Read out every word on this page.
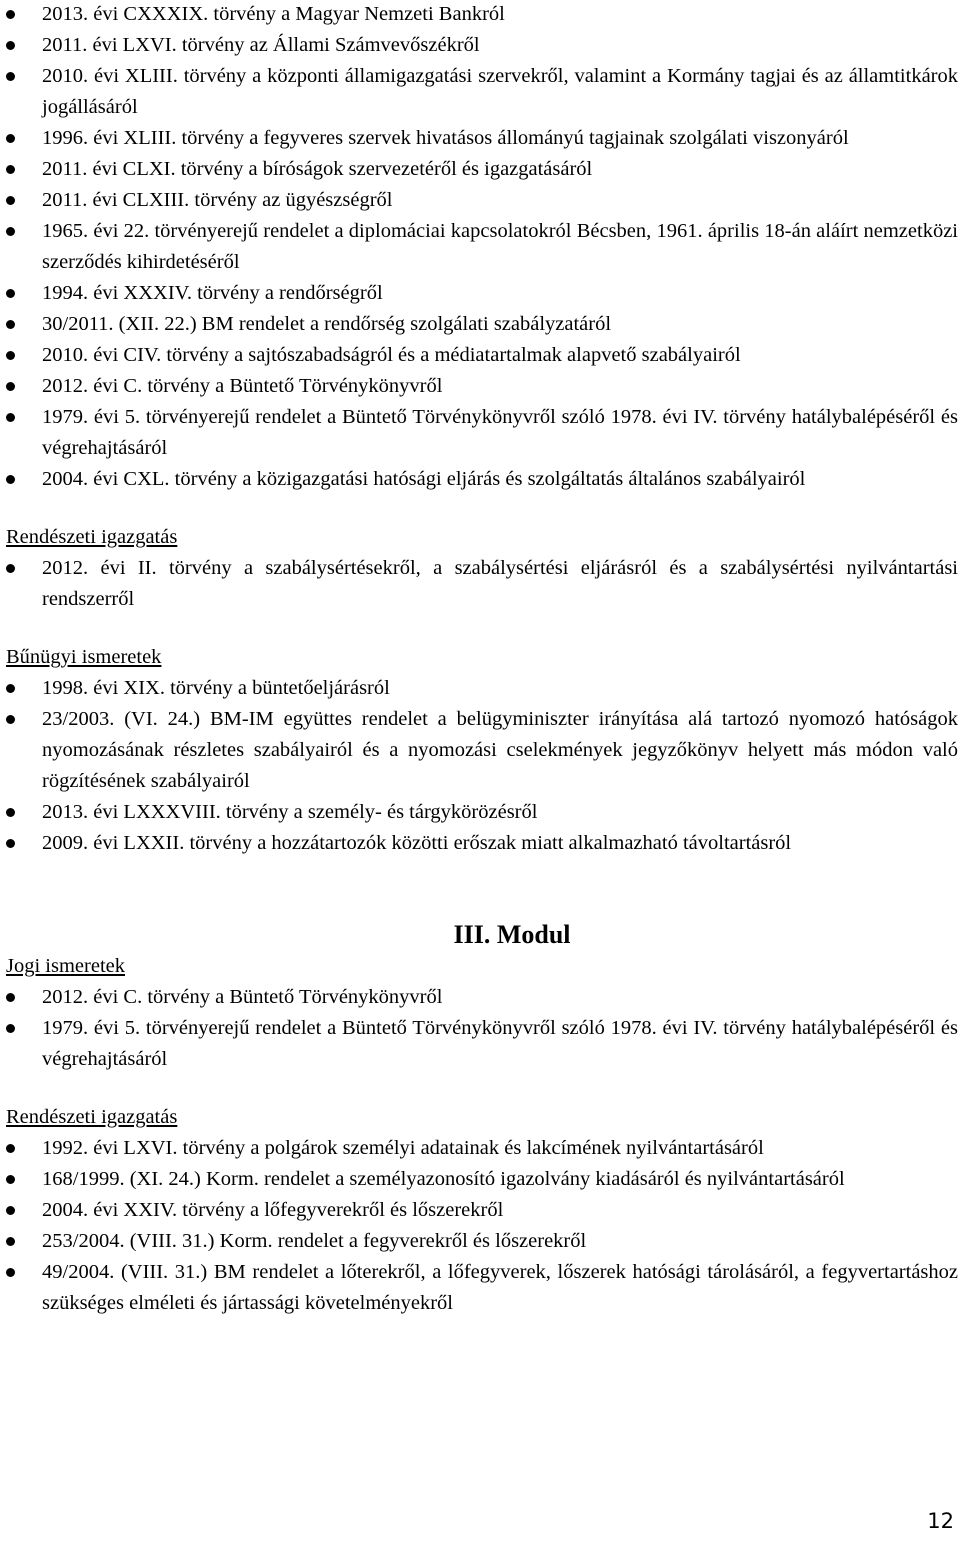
2013. évi CXXXIX. törvény a Magyar Nemzeti Bankról
2011. évi LXVI. törvény az Állami Számvevőszékről
2010. évi XLIII. törvény a központi államigazgatási szervekről, valamint a Kormány tagjai és az államtitkárok jogállásáról
1996. évi XLIII. törvény a fegyveres szervek hivatásos állományú tagjainak szolgálati viszonyáról
2011. évi CLXI. törvény a bíróságok szervezetéről és igazgatásáról
2011. évi CLXIII. törvény az ügyészségről
1965. évi 22. törvényerejű rendelet a diplomáciai kapcsolatokról Bécsben, 1961. április 18-án aláírt nemzetközi szerződés kihirdetéséről
1994. évi XXXIV. törvény a rendőrségről
30/2011. (XII. 22.) BM rendelet a rendőrség szolgálati szabályzatáról
2010. évi CIV. törvény a sajtószabadságról és a médiatartalmak alapvető szabályairól
2012. évi C. törvény a Büntető Törvénykönyvről
1979. évi 5. törvényerejű rendelet a Büntető Törvénykönyvről szóló 1978. évi IV. törvény hatálybalépéséről és végrehajtásáról
2004. évi CXL. törvény a közigazgatási hatósági eljárás és szolgáltatás általános szabályairól

Rendészeti igazgatás

2012. évi II. törvény a szabálysértésekről, a szabálysértési eljárásról és a szabálysértési nyilvántartási rendszerről

Bűnügyi ismeretek

1998. évi XIX. törvény a büntetőeljárásról
23/2003. (VI. 24.) BM-IM együttes rendelet a belügyminiszter irányítása alá tartozó nyomozó hatóságok nyomozásának részletes szabályairól és a nyomozási cselekmények jegyzőkönyv helyett más módon való rögzítésének szabályairól
2013. évi LXXXVIII. törvény a személy- és tárgykörözésről
2009. évi LXXII. törvény a hozzátartozók közötti erőszak miatt alkalmazható távoltartásról

III. Modul

Jogi ismeretek

2012. évi C. törvény a Büntető Törvénykönyvről
1979. évi 5. törvényerejű rendelet a Büntető Törvénykönyvről szóló 1978. évi IV. törvény hatálybalépéséről és végrehajtásáról

Rendészeti igazgatás

1992. évi LXVI. törvény a polgárok személyi adatainak és lakcímének nyilvántartásáról
168/1999. (XI. 24.) Korm. rendelet a személyazonosító igazolvány kiadásáról és nyilvántartásáról
2004. évi XXIV. törvény a lőfegyverekről és lőszerekről
253/2004. (VIII. 31.) Korm. rendelet a fegyverekről és lőszerekről
49/2004. (VIII. 31.) BM rendelet a lőterekről, a lőfegyverek, lőszerek hatósági tárolásáról, a fegyvertartáshoz szükséges elméleti és jártassági követelményekről
12
